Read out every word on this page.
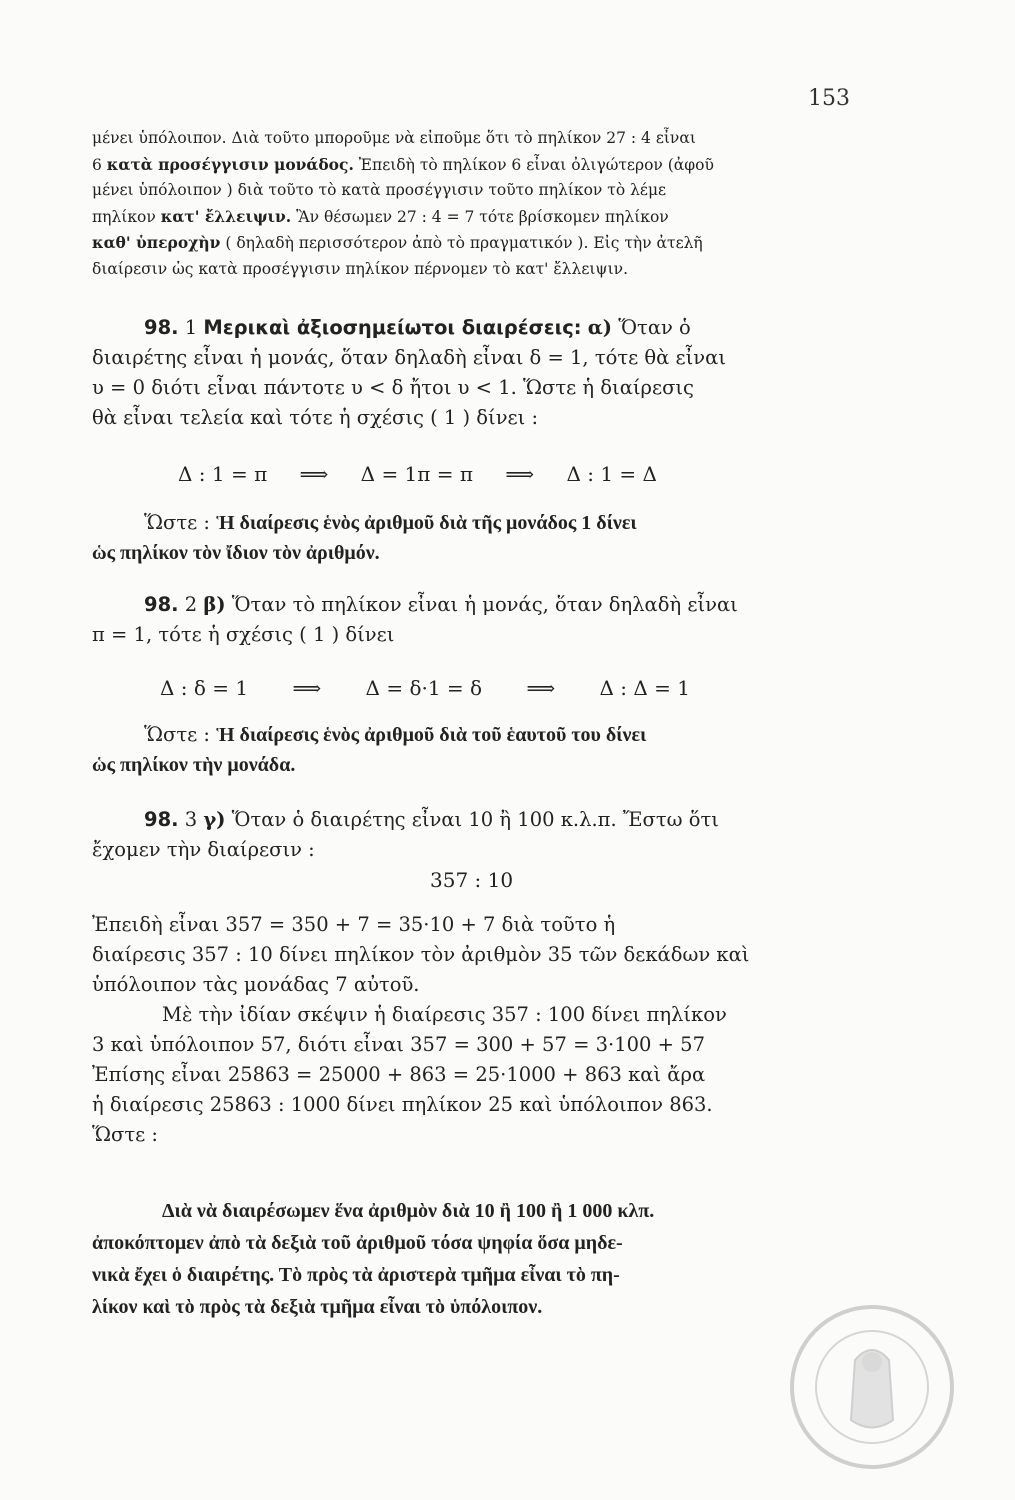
153
μένει ὑπόλοιπον. Διὰ τοῦτο μποροῦμε νὰ εἰποῦμε ὅτι τὸ πηλίκον 27 : 4 εἶναι
6 κατὰ προσέγγισιν μονάδος. Ἐπειδὴ τὸ πηλίκον 6 εἶναι ὀλιγώτερον (ἀφοῦ
μένει ὑπόλοιπον ) διὰ τοῦτο τὸ κατὰ προσέγγισιν τοῦτο πηλίκον τὸ λέμε
πηλίκον κατ' ἔλλειψιν. Ἂν θέσωμεν 27 : 4 = 7 τότε βρίσκομεν πηλίκον
καθ' ὑπεροχὴν ( δηλαδὴ περισσότερον ἀπὸ τὸ πραγματικόν ). Εἰς τὴν ἀτελῆ
διαίρεσιν ὡς κατὰ προσέγγισιν πηλίκον πέρνομεν τὸ κατ' ἔλλειψιν.
98. 1 Μερικαὶ ἀξιοσημείωτοι διαιρέσεις: α) Ὅταν ὁ
διαιρέτης εἶναι ἡ μονάς, ὅταν δηλαδὴ εἶναι δ = 1, τότε θὰ εἶναι
υ = 0 διότι εἶναι πάντοτε υ < δ ἤτοι υ < 1. Ὥστε ἡ διαίρεσις
θὰ εἶναι τελεία καὶ τότε ἡ σχέσις ( 1 ) δίνει :
Δ : 1 = π ⟹ Δ = 1π = π ⟹ Δ : 1 = Δ
Ὥστε : Ἡ διαίρεσις ἑνὸς ἀριθμοῦ διὰ τῆς μονάδος 1 δίνει
ὡς πηλίκον τὸν ἴδιον τὸν ἀριθμόν.
98. 2 β) Ὅταν τὸ πηλίκον εἶναι ἡ μονάς, ὅταν δηλαδὴ εἶναι
π = 1, τότε ἡ σχέσις ( 1 ) δίνει
Δ : δ = 1 ⟹ Δ = δ·1 = δ ⟹ Δ : Δ = 1
Ὥστε : Ἡ διαίρεσις ἑνὸς ἀριθμοῦ διὰ τοῦ ἑαυτοῦ του δίνει
ὡς πηλίκον τὴν μονάδα.
98. 3 γ) Ὅταν ὁ διαιρέτης εἶναι 10 ἢ 100 κ.λ.π. Ἔστω ὅτι
ἔχομεν τὴν διαίρεσιν :
357 : 10
Ἐπειδὴ εἶναι 357 = 350 + 7 = 35·10 + 7 διὰ τοῦτο ἡ
διαίρεσις 357 : 10 δίνει πηλίκον τὸν ἀριθμὸν 35 τῶν δεκάδων καὶ
ὑπόλοιπον τὰς μονάδας 7 αὐτοῦ.
Μὲ τὴν ἰδίαν σκέψιν ἡ διαίρεσις 357 : 100 δίνει πηλίκον
3 καὶ ὑπόλοιπον 57, διότι εἶναι 357 = 300 + 57 = 3·100 + 57
Ἐπίσης εἶναι 25863 = 25000 + 863 = 25·1000 + 863 καὶ ἄρα
ἡ διαίρεσις 25863 : 1000 δίνει πηλίκον 25 καὶ ὑπόλοιπον 863.
Ὥστε :
Διὰ νὰ διαιρέσωμεν ἕνα ἀριθμὸν διὰ 10 ἢ 100 ἢ 1 000 κλπ.
ἀποκόπτομεν ἀπὸ τὰ δεξιὰ τοῦ ἀριθμοῦ τόσα ψηφία ὅσα μηδε-
νικὰ ἔχει ὁ διαιρέτης. Τὸ πρὸς τὰ ἀριστερὰ τμῆμα εἶναι τὸ πη-
λίκον καὶ τὸ πρὸς τὰ δεξιὰ τμῆμα εἶναι τὸ ὑπόλοιπον.
